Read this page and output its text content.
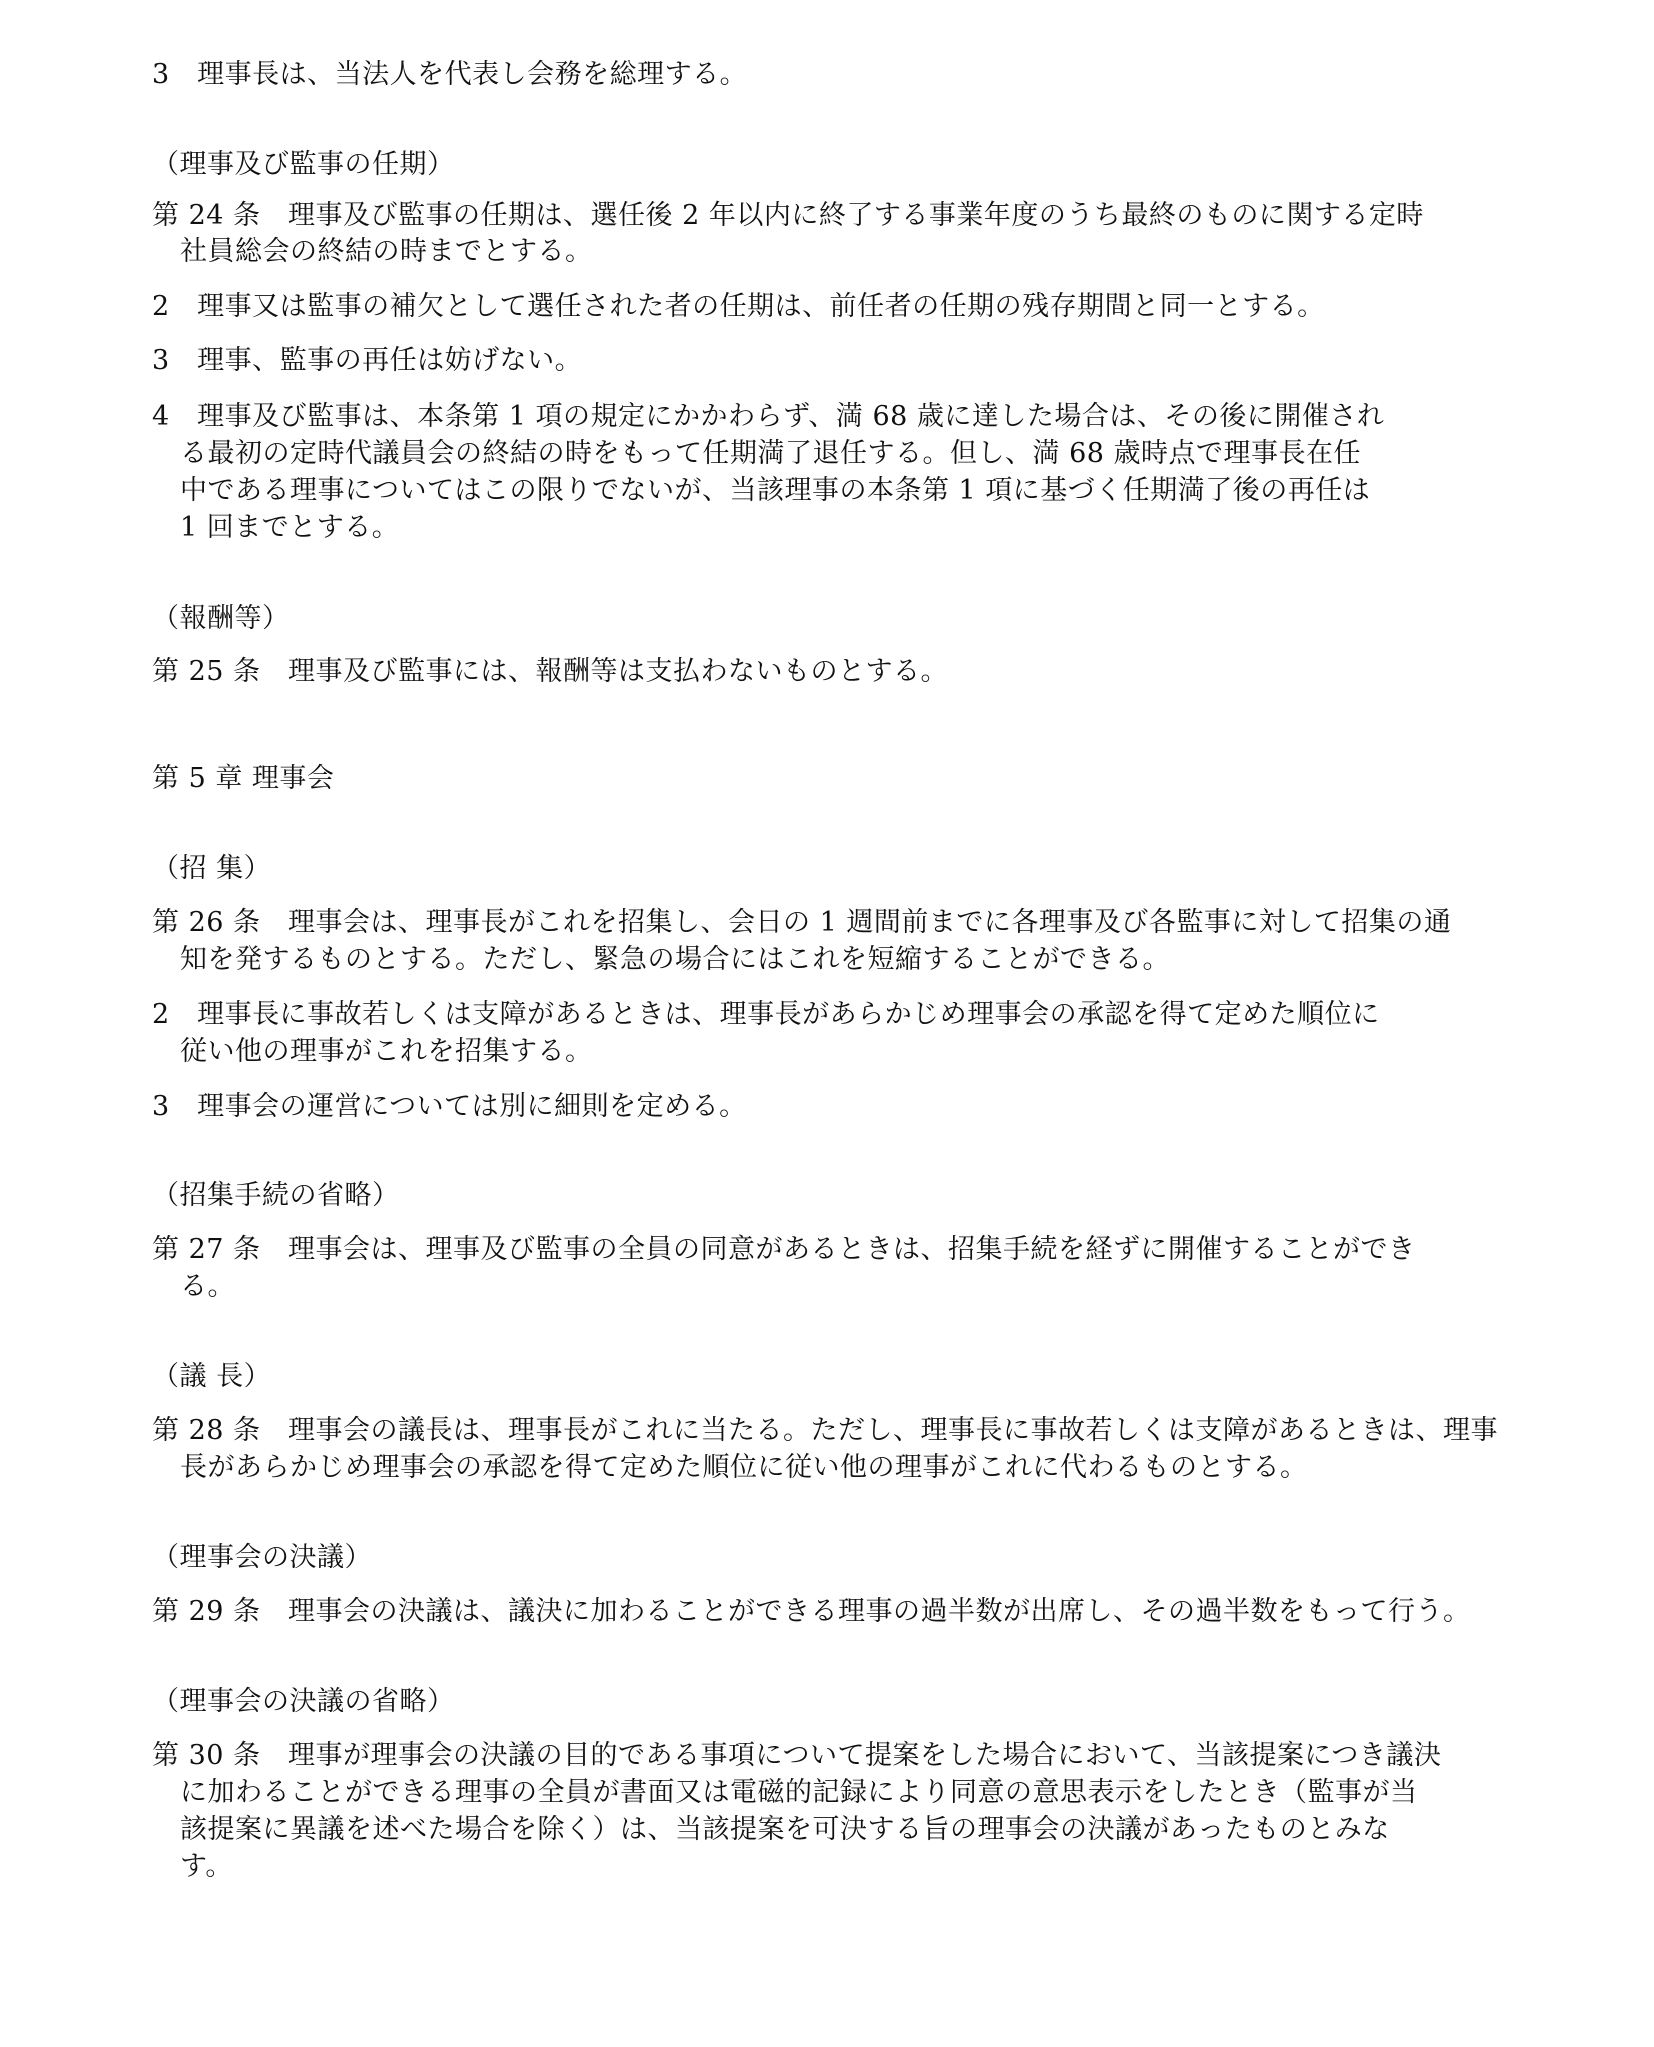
3　理事長は、当法人を代表し会務を総理する。
（理事及び監事の任期）
第 24 条　理事及び監事の任期は、選任後 2 年以内に終了する事業年度のうち最終のものに関する定時
社員総会の終結の時までとする。
2　理事又は監事の補欠として選任された者の任期は、前任者の任期の残存期間と同一とする。
3　理事、監事の再任は妨げない。
4　理事及び監事は、本条第 1 項の規定にかかわらず、満 68 歳に達した場合は、その後に開催され
る最初の定時代議員会の終結の時をもって任期満了退任する。但し、満 68 歳時点で理事長在任
中である理事についてはこの限りでないが、当該理事の本条第 1 項に基づく任期満了後の再任は
1 回までとする。
（報酬等）
第 25 条　理事及び監事には、報酬等は支払わないものとする。
第 5 章 理事会
（招 集）
第 26 条　理事会は、理事長がこれを招集し、会日の 1 週間前までに各理事及び各監事に対して招集の通
知を発するものとする。ただし、緊急の場合にはこれを短縮することができる。
2　理事長に事故若しくは支障があるときは、理事長があらかじめ理事会の承認を得て定めた順位に
従い他の理事がこれを招集する。
3　理事会の運営については別に細則を定める。
（招集手続の省略）
第 27 条　理事会は、理事及び監事の全員の同意があるときは、招集手続を経ずに開催することができ
る。
（議 長）
第 28 条　理事会の議長は、理事長がこれに当たる。ただし、理事長に事故若しくは支障があるときは、理事
長があらかじめ理事会の承認を得て定めた順位に従い他の理事がこれに代わるものとする。
（理事会の決議）
第 29 条　理事会の決議は、議決に加わることができる理事の過半数が出席し、その過半数をもって行う。
（理事会の決議の省略）
第 30 条　理事が理事会の決議の目的である事項について提案をした場合において、当該提案につき議決
に加わることができる理事の全員が書面又は電磁的記録により同意の意思表示をしたとき（監事が当
該提案に異議を述べた場合を除く）は、当該提案を可決する旨の理事会の決議があったものとみな
す。
